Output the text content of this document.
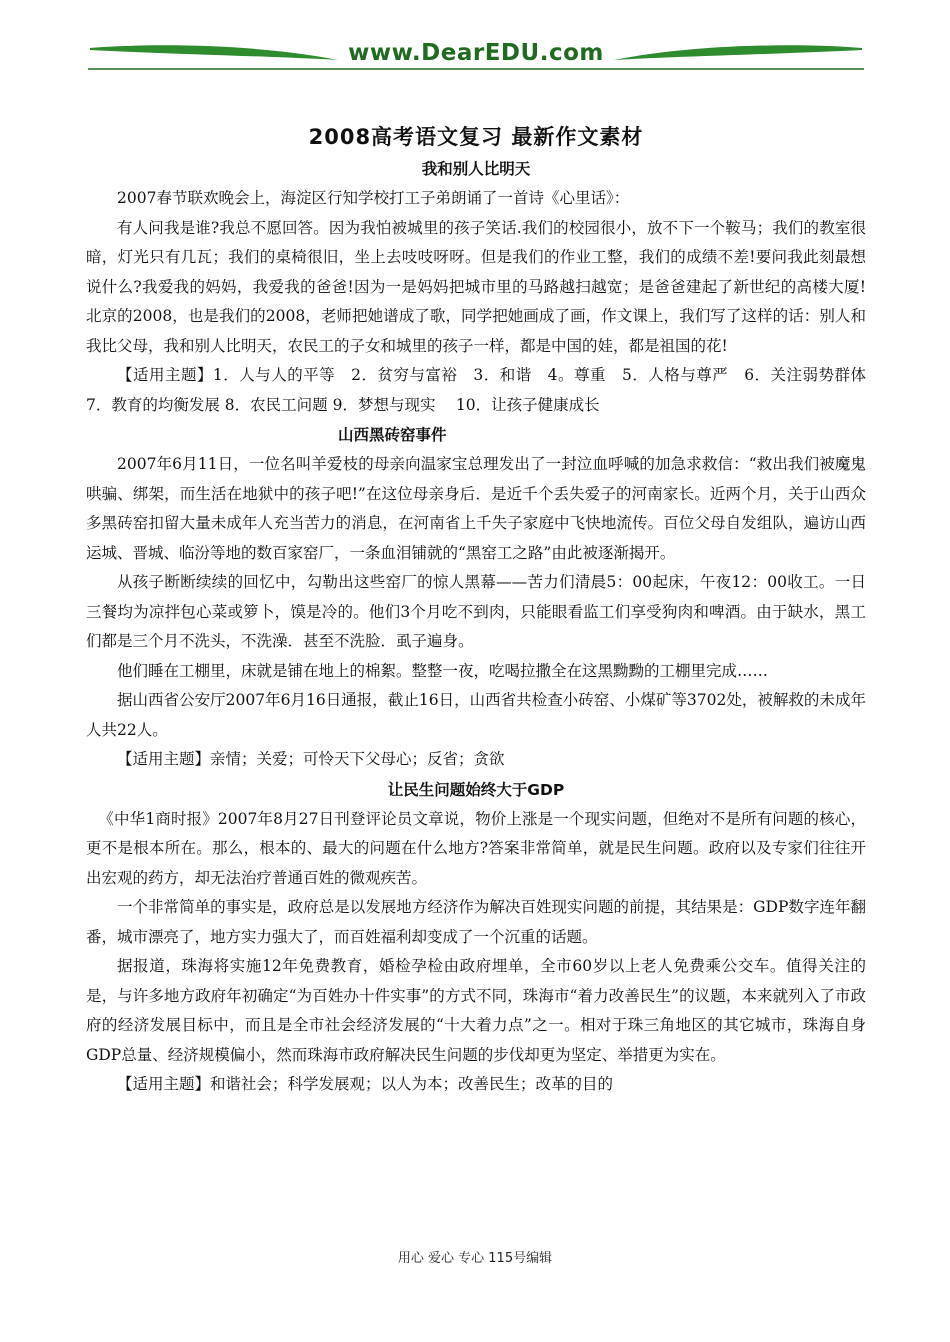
www.DearEDU.com
2008高考语文复习 最新作文素材
我和别人比明天

2007春节联欢晚会上，海淀区行知学校打工子弟朗诵了一首诗《心里话》：

有人问我是谁?我总不愿回答。因为我怕被城里的孩子笑话.我们的校园很小，放不下一个鞍马；我们的教室很暗，灯光只有几瓦；我们的桌椅很旧，坐上去吱吱呀呀。但是我们的作业工整，我们的成绩不差!要问我此刻最想说什么?我爱我的妈妈，我爱我的爸爸!因为一是妈妈把城市里的马路越扫越宽；是爸爸建起了新世纪的高楼大厦!北京的2008，也是我们的2008，老师把她谱成了歌，同学把她画成了画，作文课上，我们写了这样的话：别人和我比父母，我和别人比明天，农民工的子女和城里的孩子一样，都是中国的娃，都是祖国的花!

【适用主题】1．人与人的平等　2．贫穷与富裕　3．和谐　4。尊重　5．人格与尊严　6．关注弱势群体　 7．教育的均衡发展 8．农民工问题 9．梦想与现实　 10．让孩子健康成长

山西黑砖窑事件

2007年6月11日，一位名叫羊爱枝的母亲向温家宝总理发出了一封泣血呼喊的加急求救信：“救出我们被魔鬼哄骗、绑架，而生活在地狱中的孩子吧!”在这位母亲身后．是近千个丢失爱子的河南家长。近两个月，关于山西众多黑砖窑扣留大量未成年人充当苦力的消息，在河南省上千失子家庭中飞快地流传。百位父母自发组队，遍访山西运城、晋城、临汾等地的数百家窑厂，一条血泪铺就的“黑窑工之路”由此被逐渐揭开。

从孩子断断续续的回忆中，勾勒出这些窑厂的惊人黑幕——苦力们清晨5：00起床，午夜12：00收工。一日三餐均为凉拌包心菜或箩卜，馍是冷的。他们3个月吃不到肉，只能眼看监工们享受狗肉和啤酒。由于缺水，黑工们都是三个月不洗头，不洗澡．甚至不洗脸．虱子遍身。

他们睡在工棚里，床就是铺在地上的棉絮。整整一夜，吃喝拉撒全在这黑黝黝的工棚里完成……

据山西省公安厅2007年6月16日通报，截止16日，山西省共检查小砖窑、小煤矿等3702处，被解救的未成年人共22人。

【适用主题】亲情；关爱；可怜天下父母心；反省；贪欲

让民生问题始终大于GDP

《中华1商时报》2007年8月27日刊登评论员文章说，物价上涨是一个现实问题，但绝对不是所有问题的核心，更不是根本所在。那么，根本的、最大的问题在什么地方?答案非常简单，就是民生问题。政府以及专家们往往开出宏观的药方，却无法治疗普通百姓的微观疾苦。

一个非常简单的事实是，政府总是以发展地方经济作为解决百姓现实问题的前提，其结果是：GDP数字连年翻番，城市漂亮了，地方实力强大了，而百姓福利却变成了一个沉重的话题。

据报道，珠海将实施12年免费教育，婚检孕检由政府埋单，全市60岁以上老人免费乘公交车。值得关注的是，与许多地方政府年初确定“为百姓办十件实事”的方式不同，珠海市“着力改善民生”的议题，本来就列入了市政府的经济发展目标中，而且是全市社会经济发展的“十大着力点”之一。相对于珠三角地区的其它城市，珠海自身GDP总量、经济规模偏小，然而珠海市政府解决民生问题的步伐却更为坚定、举措更为实在。

【适用主题】和谐社会；科学发展观；以人为本；改善民生；改革的目的

用心 爱心 专心 115号编辑
